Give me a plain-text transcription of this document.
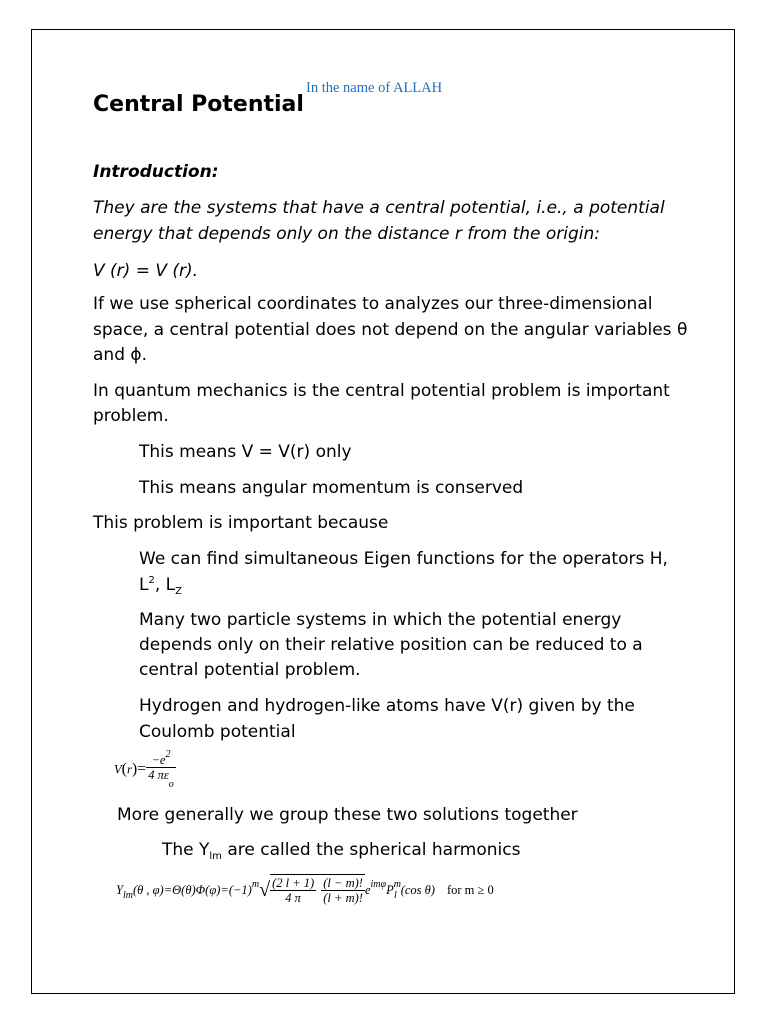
Central Potential
In the name of ALLAH
Introduction:
They are the systems that have a central potential, i.e., a potential
energy that depends only on the distance r from the origin:
V (r) = V (r).
If we use spherical coordinates to analyzes our three-dimensional
space, a central potential does not depend on the angular variables θ
and ϕ.
In quantum mechanics is the central potential problem is important
problem.
This means V = V(r) only
This means angular momentum is conserved
This problem is important because
We can find simultaneous Eigen functions for the operators H,
$L^2$, $L_Z$
Many two particle systems in which the potential energy
depends only on their relative position can be reduced to a
central potential problem.
Hydrogen and hydrogen-like atoms have V(r) given by the
Coulomb potential
$V(r)= \frac{-e^2}{4 \pi\varepsilon_o}$
More generally we group these two solutions together
The $Y_{lm}$ are called the spherical harmonics
$Y_{lm}(\theta$ , $\varphi)=\Theta(\theta)\Phi(\varphi)=(-1)^m√ \frac{(2 l + 1)}{4 \pi}$
$\frac{(l - m)!}{(l + m)!} e^{im\varphi}P^m_l$ (cos θ) for m ≥ 0
